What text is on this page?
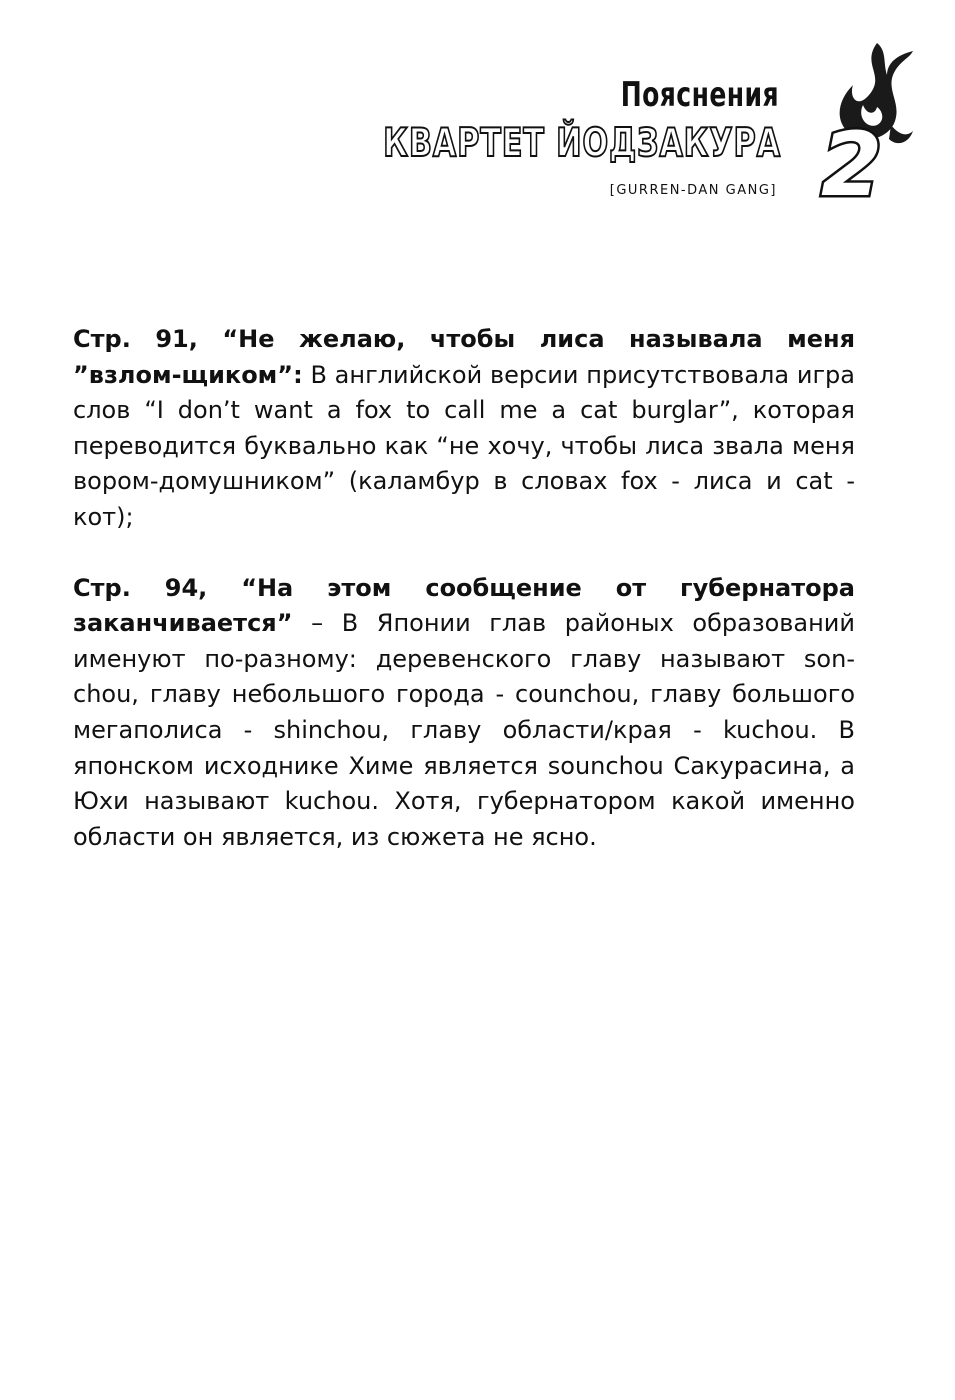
Пояснения
КВАРТЕТ ЙОДЗАКУРА
[GURREN-DAN GANG] 2

Стр. 91, “Не желаю, чтобы лиса называла меня ”взлом-щиком”: В английской версии присутствовала игра слов “I don’t want a fox to call me a cat burglar”, которая переводится буквально как “не хочу, чтобы лиса звала меня вором-домушником” (каламбур в словах fox - лиса и cat - кот);

Стр. 94, “На этом сообщение от губернатора заканчивается” – В Японии глав районых образований именуют по-разному: деревенского главу называют son-chou, главу небольшого города - counchou, главу большого мегаполиса - shinchou, главу области/края - kuchou. В японском исходнике Химе является sounchou Сакурасина, а Юхи называют kuchou. Хотя, губернатором какой именно области он является, из сюжета не ясно.
